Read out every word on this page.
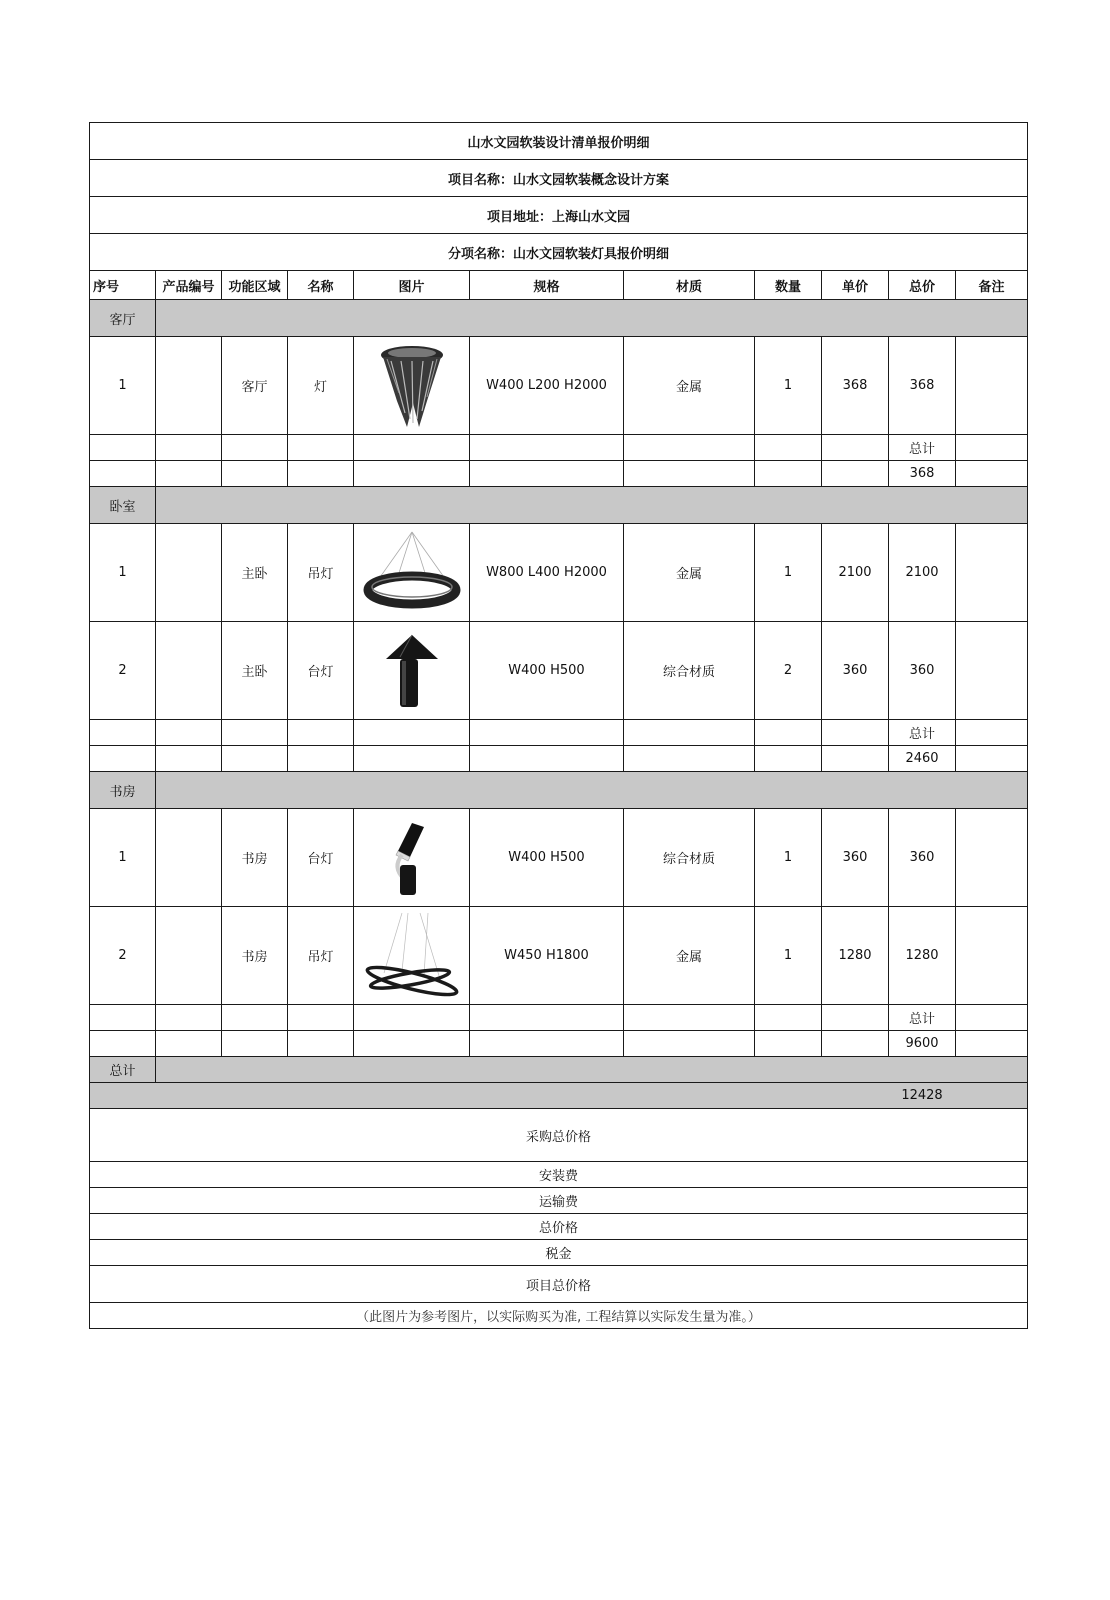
山水文园软装设计清单报价明细										
项目名称：山水文园软装概念设计方案										
项目地址：上海山水文园										
分项名称：山水文园软装灯具报价明细										
序号	产品编号	功能区域	名称	图片	规格	材质	数量	单价	总价	备注
客厅										
1		客厅	灯		W400 L200 H2000	金属	1	368	368	
									总计	
									368	
卧室										
1		主卧	吊灯		W800 L400 H2000	金属	1	2100	2100	
2		主卧	台灯		W400 H500	综合材质	2	360	360	
									总计	
									2460	
书房										
1		书房	台灯		W400 H500	综合材质	1	360	360	
2		书房	吊灯		W450 H1800	金属	1	1280	1280	
									总计	
									9600	
总计										
									12428	
采购总价格										
安装费										
运输费										
总价格										
税金										
项目总价格										
（此图片为参考图片，以实际购买为准, 工程结算以实际发生量为准。）										
